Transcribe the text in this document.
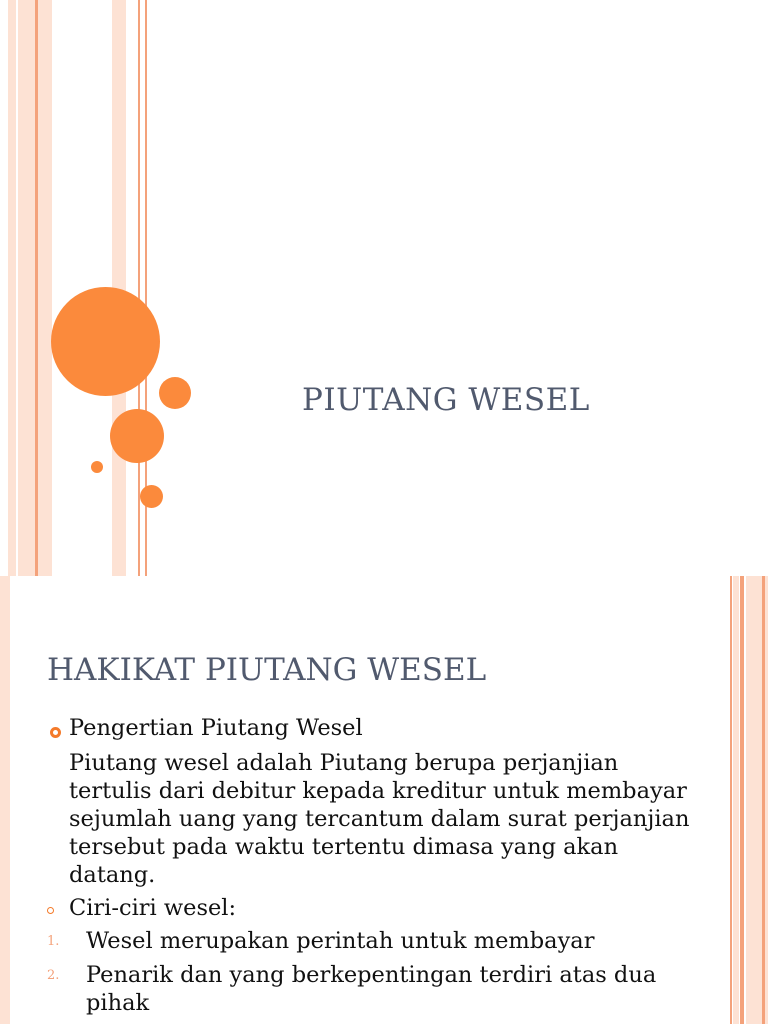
PIUTANG WESEL
HAKIKAT PIUTANG WESEL
Pengertian Piutang Wesel
Piutang wesel adalah Piutang berupa perjanjian
tertulis dari debitur kepada kreditur untuk membayar
sejumlah uang yang tercantum dalam surat perjanjian
tersebut pada waktu tertentu dimasa yang akan
datang.
Ciri-ciri wesel:
1. Wesel merupakan perintah untuk membayar
2. Penarik dan yang berkepentingan terdiri atas dua
pihak
